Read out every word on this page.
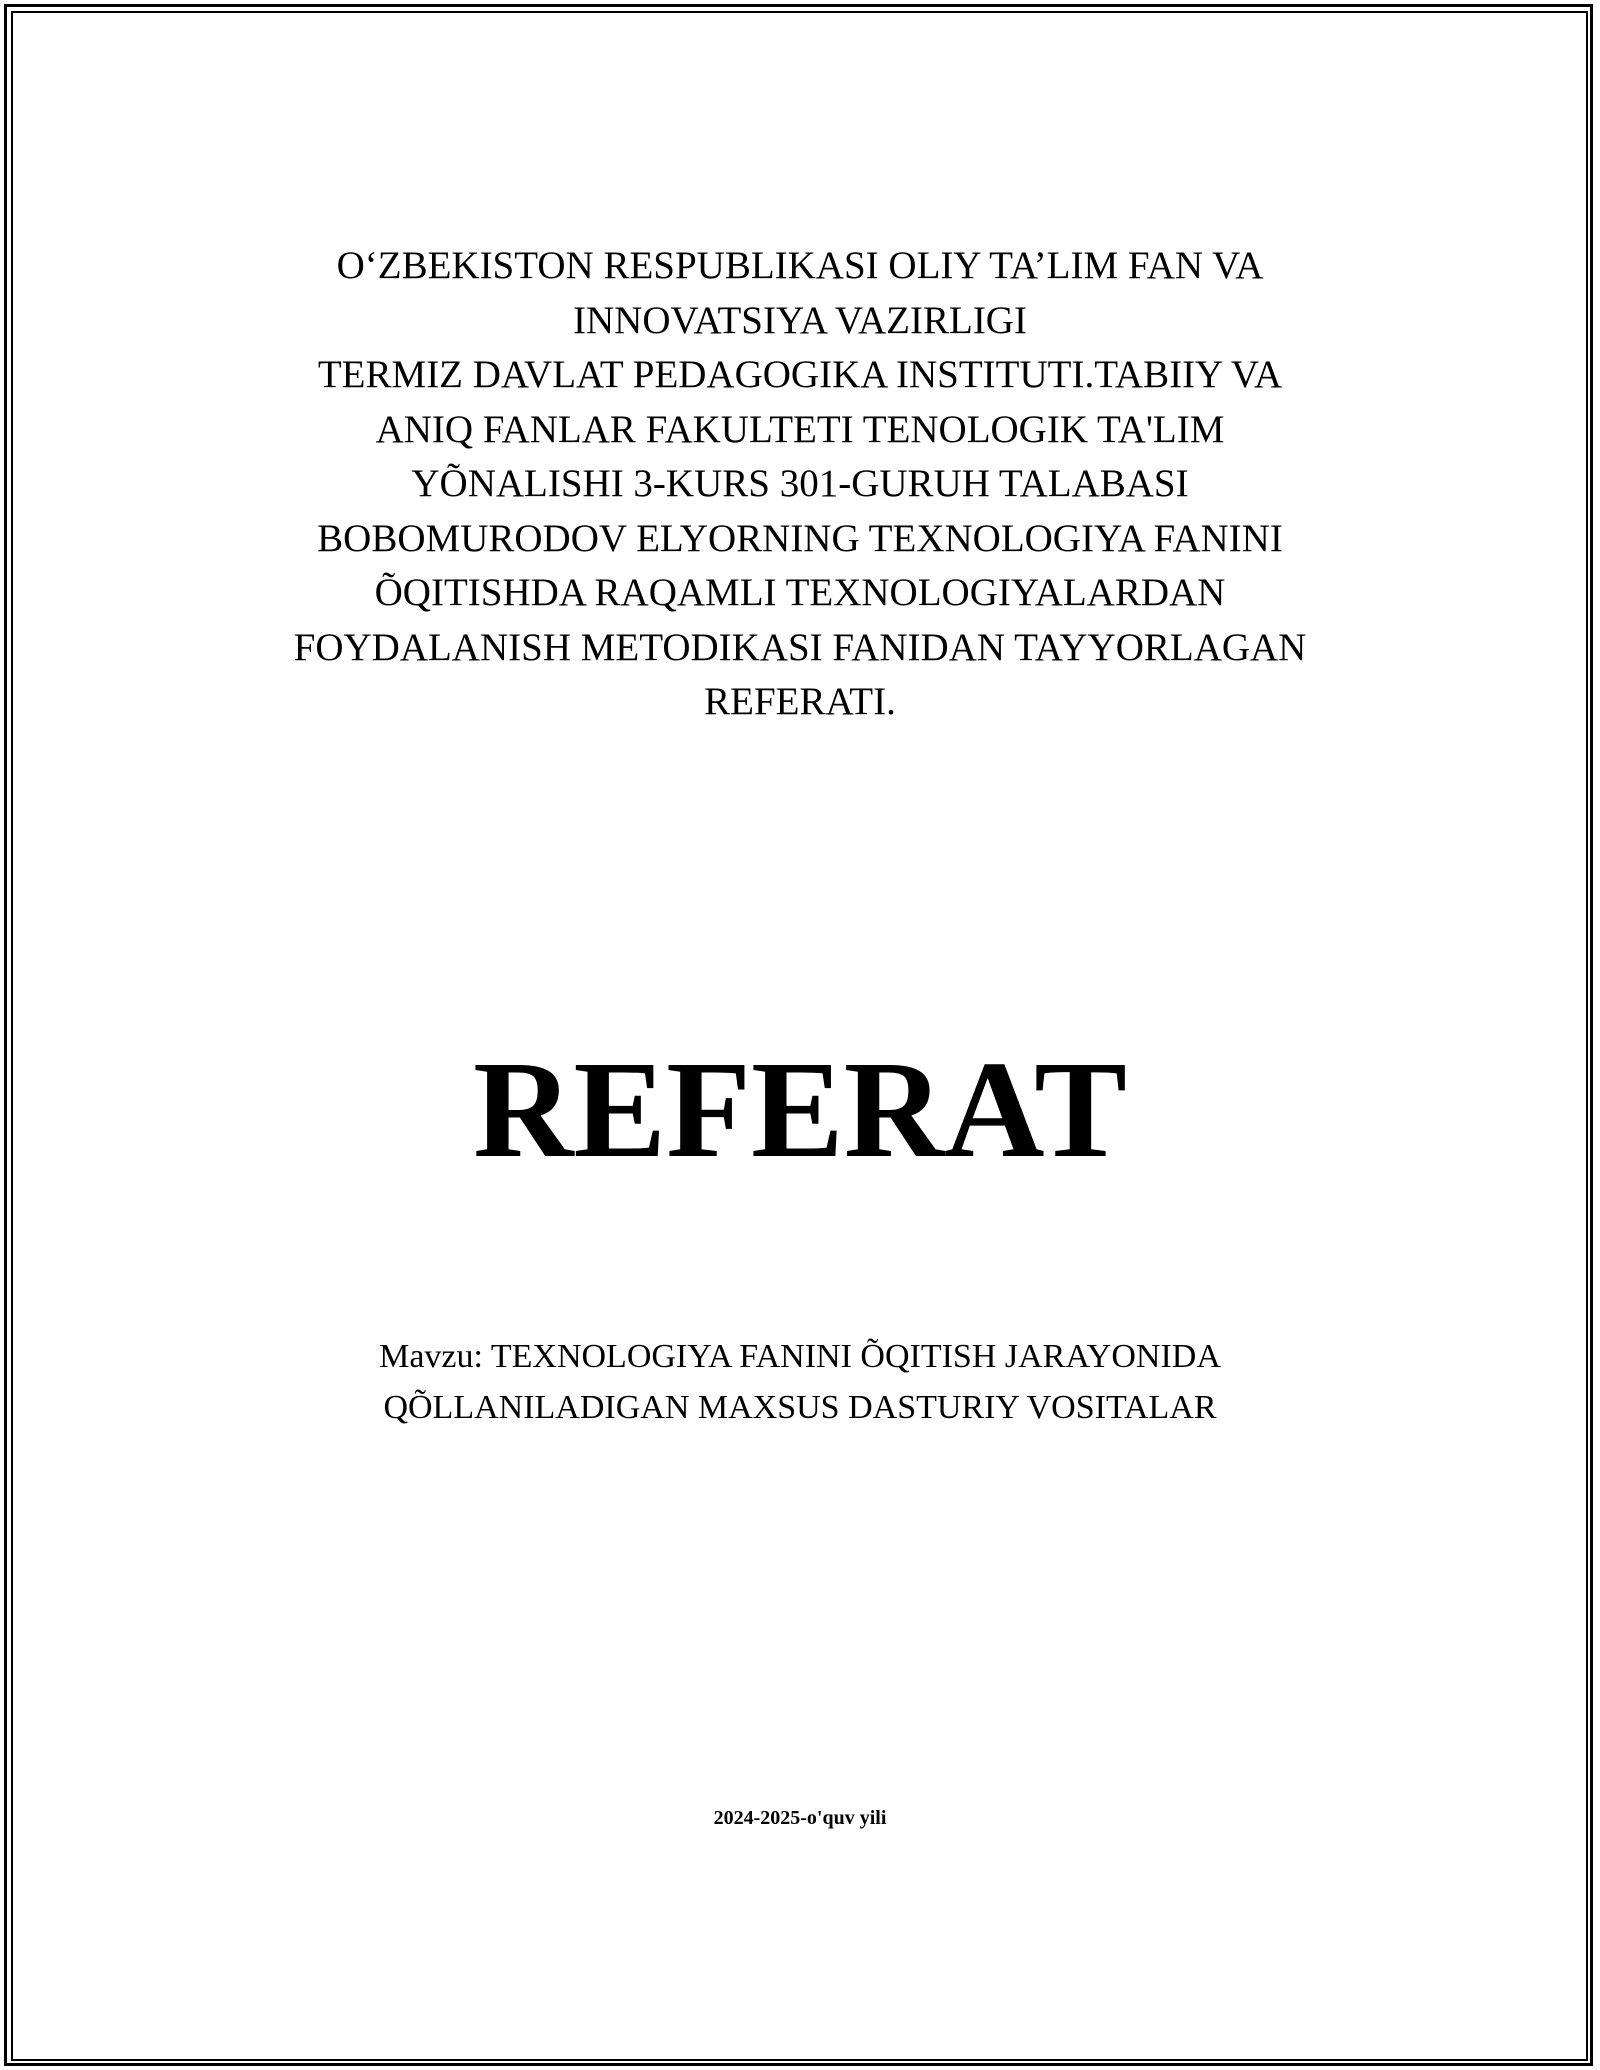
O‘ZBEKISTON RESPUBLIKASI OLIY TA’LIM FAN VA
INNOVATSIYA VAZIRLIGI
TERMIZ DAVLAT PEDAGOGIKA INSTITUTI.TABIIY VA
ANIQ FANLAR FAKULTETI TENOLOGIK TA'LIM
YÕNALISHI 3-KURS 301-GURUH TALABASI
BOBOMURODOV ELYORNING TEXNOLOGIYA FANINI
ÕQITISHDA RAQAMLI TEXNOLOGIYALARDAN
FOYDALANISH METODIKASI FANIDAN TAYYORLAGAN
REFERATI.
REFERAT
Mavzu: TEXNOLOGIYA FANINI ÕQITISH JARAYONIDA
QÕLLANILADIGAN MAXSUS DASTURIY VOSITALAR
2024-2025-o'quv yili
